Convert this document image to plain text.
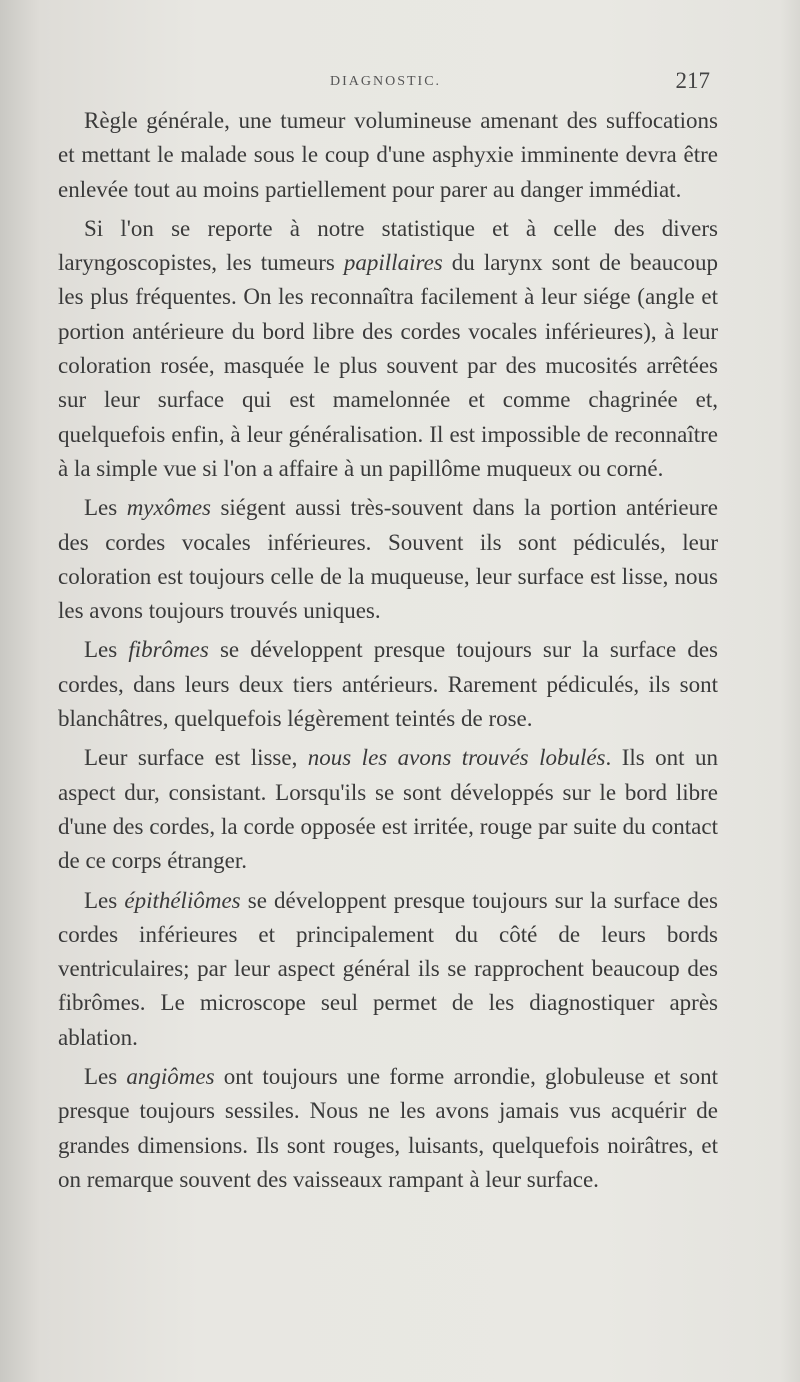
DIAGNOSTIC.	217

Règle générale, une tumeur volumineuse amenant des suffocations et mettant le malade sous le coup d'une asphyxie imminente devra être enlevée tout au moins partiellement pour parer au danger immédiat.

Si l'on se reporte à notre statistique et à celle des divers laryngoscopistes, les tumeurs papillaires du larynx sont de beaucoup les plus fréquentes. On les reconnaîtra facilement à leur siége (angle et portion antérieure du bord libre des cordes vocales inférieures), à leur coloration rosée, masquée le plus souvent par des mucosités arrêtées sur leur surface qui est mamelonnée et comme chagrinée et, quelquefois enfin, à leur généralisation. Il est impossible de reconnaître à la simple vue si l'on a affaire à un papillôme muqueux ou corné.

Les myxômes siégent aussi très-souvent dans la portion antérieure des cordes vocales inférieures. Souvent ils sont pédiculés, leur coloration est toujours celle de la muqueuse, leur surface est lisse, nous les avons toujours trouvés uniques.

Les fibrômes se développent presque toujours sur la surface des cordes, dans leurs deux tiers antérieurs. Rarement pédiculés, ils sont blanchâtres, quelquefois légèrement teintés de rose.

Leur surface est lisse, nous les avons trouvés lobulés. Ils ont un aspect dur, consistant. Lorsqu'ils se sont développés sur le bord libre d'une des cordes, la corde opposée est irritée, rouge par suite du contact de ce corps étranger.

Les épithéliômes se développent presque toujours sur la surface des cordes inférieures et principalement du côté de leurs bords ventriculaires; par leur aspect général ils se rapprochent beaucoup des fibrômes. Le microscope seul permet de les diagnostiquer après ablation.

Les angiômes ont toujours une forme arrondie, globuleuse et sont presque toujours sessiles. Nous ne les avons jamais vus acquérir de grandes dimensions. Ils sont rouges, luisants, quelquefois noirâtres, et on remarque souvent des vaisseaux rampant à leur surface.
